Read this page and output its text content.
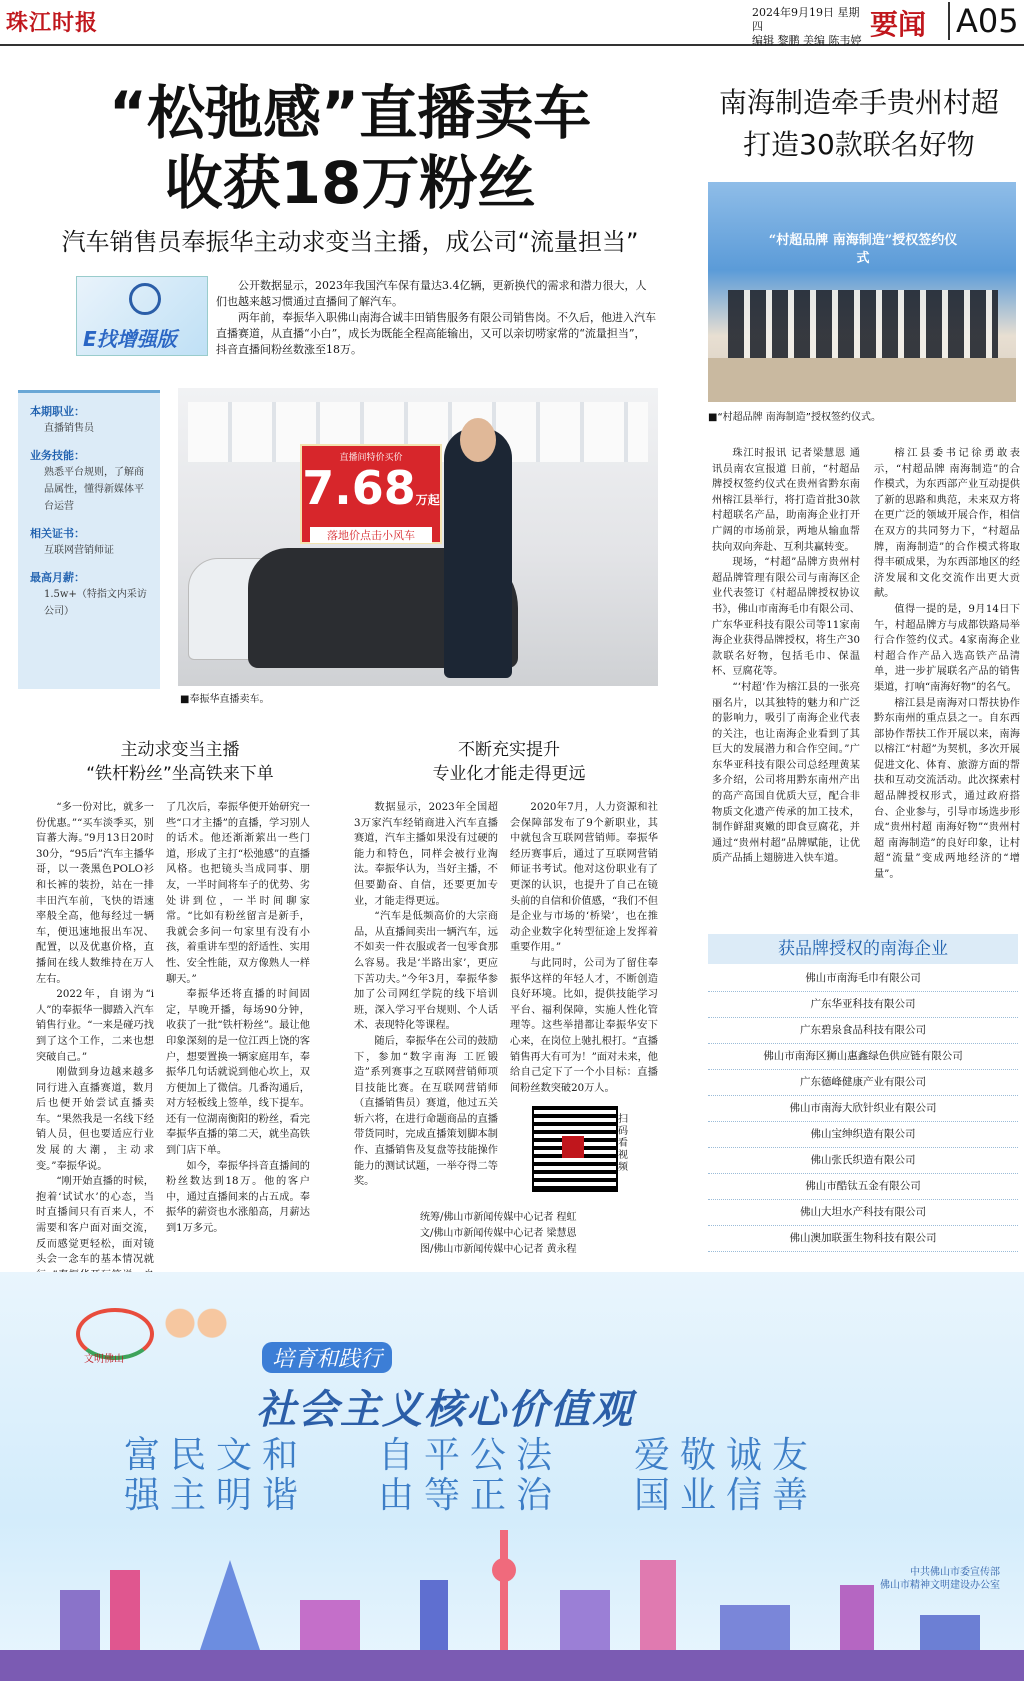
珠江时报	2024年9月19日 星期四
编辑 黎鹏 美编 陈韦婷 要闻 A05
“松弛感”直播卖车
收获18万粉丝
汽车销售员奉振华主动求变当主播，成公司“流量担当”
E找增强版

公开数据显示，2023年我国汽车保有量达3.4亿辆，更新换代的需求和潜力很大，人们也越来越习惯通过直播间了解汽车。

两年前，奉振华入职佛山南海合诚丰田销售服务有限公司销售岗。不久后，他进入汽车直播赛道，从直播“小白”，成长为既能全程高能输出，又可以亲切唠家常的“流量担当”，抖音直播间粉丝数涨至18万。

本期职业：
直播销售员
业务技能：
熟悉平台规则，了解商品属性，懂得新媒体平台运营
相关证书：
互联网营销师证
最高月薪：
1.5w+（特指文内采访公司）
直播间特价买价
7.68万起
落地价点击小风车
■奉振华直播卖车。
主动求变当主播
“铁杆粉丝”坐高铁来下单
不断充实提升
专业化才能走得更远

“多一份对比，就多一份优惠。”“买车淡季买，别盲蕃大海。”9月13日20时30分，“95后”汽车主播华哥，以一袭黑色POLO衫和长裤的装扮，站在一排丰田汽车前，飞快的语速率般全高，他每经过一辆车，便迅速地报出车况、配置，以及优惠价格，直播间在线人数维持在万人左右。

2022年，自诩为“i人”的奉振华一脚踏入汽车销售行业。“一来是碰巧找到了这个工作，二来也想突破自己。”

刚做到身边越来越多同行进入直播赛道，数月后也便开始尝试直播卖车。“果然我是一名线下经销人员，但也要适应行业发展的大潮，主动求变。”奉振华说。

“刚开始直播的时候，抱着‘试试水’的心态，当时直播间只有百来人，不需要和客户面对面交流，反而感觉更轻松，面对镜头会一念车的基本情况就

了几次后，奉振华便开始研究一些“口才主播”的直播，学习别人的话术。他还渐渐萦出一些门道，形成了主打“松弛感”的直播风格。也把镜头当成同事、朋友，一半时间将车子的优势、劣处讲到位，一半时间聊家常。“比如有粉丝留言是新手，我就会多问一句家里有没有小孩，着重讲车型的舒适性、实用性、安全性能，双方像熟人一样聊天。”

奉振华还将直播的时间固定，早晚开播，每场90分钟，收获了一批“铁杆粉丝”。最让他印象深刻的是一位江西上饶的客户，想要置换一辆家庭用车，奉振华几句话就说到他心坎上，双方便加上了微信。几番沟通后，对方轻板线上签单，线下提车。还有一位湖南衡阳的粉丝，看完奉振华直播的第二天，就坐高铁到门店下单。

如今，奉振华抖音直播间的粉丝数达到18万。他的客户中，通过直播间来的占五成。奉振华的薪资也水涨船高，月薪达到1万多元。

数据显示，2023年全国超3万家汽车经销商进入汽车直播赛道，汽车主播如果没有过硬的能力和特色，同样会被行业淘汰。奉振华认为，当好主播，不但要勤奋、自信，还要更加专业，才能走得更远。

“汽车是低频高价的大宗商品，从直播间卖出一辆汽车，远不如卖一件衣服或者一包零食那么容易。我是‘半路出家’，更应下苦功夫。”今年3月，奉振华参加了公司网红学院的线下培训班，深入学习平台规则、个人话术、表现特化等课程。

随后，奉振华在公司的鼓励下，参加“数字南海 工匠锻造”系列赛事之互联网营销师项目技能比赛。在互联网营销师（直播销售员）赛道，他过五关斩六将，在进行命题商品的直播带货同时，完成直播策划脚本制作、直播销售及复盘等技能操作能力的测试试题，一举夺得二等奖。

2020年7月，人力资源和社会保障部发布了9个新职业，其中就包含互联网营销师。奉振华经历赛事后，通过了互联网营销师证书考试。他对这份职业有了更深的认识，也提升了自己在镜头前的自信和价值感，“我们不但是企业与市场的‘桥梁’，也在推动企业数字化转型征途上发挥着重要作用。”

与此同时，公司为了留住奉振华这样的年轻人才，不断创造良好环境。比如，提供技能学习平台、福利保障，实施人性化管理等。这些举措都让奉振华安下心来，在岗位上驰扎根打。“直播销售再大有可为！”面对未来，他给自己定下了一个小目标：直播间粉丝数突破20万人。

扫码看视频
统筹/佛山市新闻传媒中心记者 程虹
文/佛山市新闻传媒中心记者 梁慧恩
图/佛山市新闻传媒中心记者 黄永程
南海制造牵手贵州村超
打造30款联名好物
“村超品牌 南海制造”授权签约仪式
■“村超品牌 南海制造”授权签约仪式。

珠江时报讯 记者梁慧恩 通讯员南农宣报道 日前，“村超品牌授权签约仪式在贵州省黔东南州榕江县举行，将打造首批30款村超联名产品，助南海企业打开广阔的市场前景，两地从输血帮扶向双向奔赴、互利共赢转变。

现场，“村超”品牌方贵州村超品牌管理有限公司与南海区企业代表签订《村超品牌授权协议书》，佛山市南海毛巾有限公司、广东华亚科技有限公司等11家南海企业获得品牌授权，将生产30款联名好物，包括毛巾、保温杯、豆腐花等。

“‘村超’作为榕江县的一张亮丽名片，以其独特的魅力和广泛的影响力，吸引了南海企业代表的关注，也让南海企业看到了其巨大的发展潜力和合作空间。”广东华亚科技有限公司总经理黄某多介绍，公司将用黔东南州产出的高产高国自优质大豆，配合非物质文化遗产传承的加工技术，制作鲜甜爽嫩的即食豆腐花，并通过“贵州村超”品牌赋能，让优质产品插上翅膀进入快车道。

榕江县委书记徐勇敢表示，“村超品牌 南海制造”的合作模式，为东西部产业互动提供了新的思路和典范，未来双方将在更广泛的领域开展合作，相信在双方的共同努力下，“村超品牌，南海制造”的合作模式将取得丰硕成果，为东西部地区的经济发展和文化交流作出更大贡献。

值得一提的是，9月14日下午，村超品牌方与成都铁路局举行合作签约仪式。4家南海企业村超合作产品入选高铁产品清单，进一步扩展联名产品的销售渠道，打响“南海好物”的名气。

榕江县是南海对口帮扶协作黔东南州的重点县之一。自东西部协作帮扶工作开展以来，南海以榕江“村超”为契机，多次开展促进文化、体育、旅游方面的帮扶和互动交流活动。此次探索村超品牌授权形式，通过政府搭台、企业参与，引导市场选步形成“贵州村超 南海好物”“贵州村超 南海制造”的良好印象，让村超“流量”变成两地经济的“增量”。

获品牌授权的南海企业
佛山市南海毛巾有限公司
广东华亚科技有限公司
广东碧泉食品科技有限公司
佛山市南海区狮山惠鑫绿色供应链有限公司
广东德峰健康产业有限公司
佛山市南海大欣针织业有限公司
佛山宝绅织造有限公司
佛山张氏织造有限公司
佛山市酷钛五金有限公司
佛山大坦水产科技有限公司
佛山澳加联蛋生物科技有限公司
文明佛山	培育和践行
社会主义核心价值观
富民文和
强主明谐
自平公法
由等正治
爱敬诚友
国业信善
中共佛山市委宣传部
佛山市精神文明建设办公室
